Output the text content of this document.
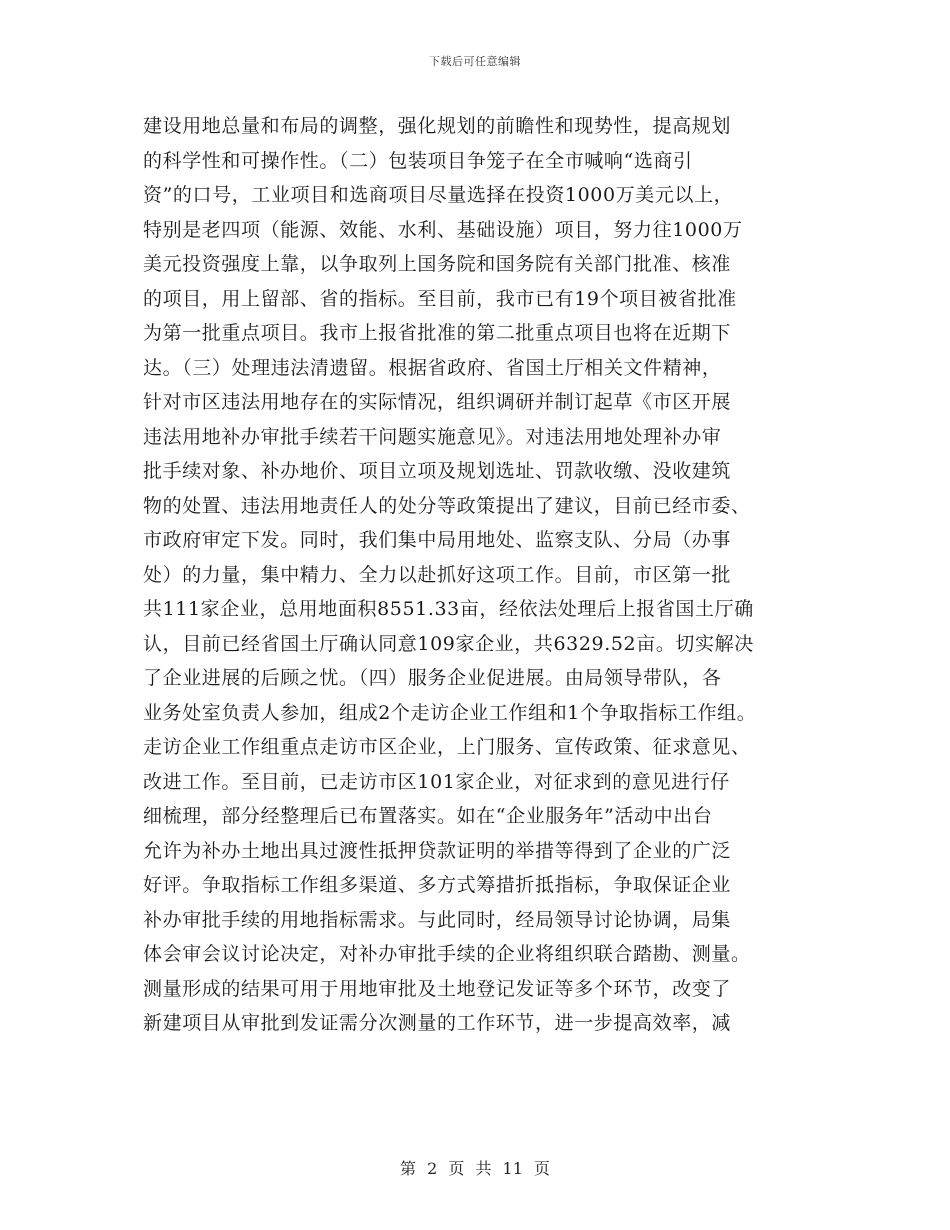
下载后可任意编辑
建设用地总量和布局的调整，强化规划的前瞻性和现势性，提高规划
的科学性和可操作性。（二）包装项目争笼子在全市喊响“选商引
资”的口号，工业项目和选商项目尽量选择在投资1000万美元以上，
特别是老四项（能源、效能、水利、基础设施）项目，努力往1000万
美元投资强度上靠，以争取列上国务院和国务院有关部门批准、核准
的项目，用上留部、省的指标。至目前，我市已有19个项目被省批准
为第一批重点项目。我市上报省批准的第二批重点项目也将在近期下
达。（三）处理违法清遗留。根据省政府、省国土厅相关文件精神，
针对市区违法用地存在的实际情况，组织调研并制订起草《市区开展
违法用地补办审批手续若干问题实施意见》。对违法用地处理补办审
批手续对象、补办地价、项目立项及规划选址、罚款收缴、没收建筑
物的处置、违法用地责任人的处分等政策提出了建议，目前已经市委、
市政府审定下发。同时，我们集中局用地处、监察支队、分局（办事
处）的力量，集中精力、全力以赴抓好这项工作。目前，市区第一批
共111家企业，总用地面积8551.33亩，经依法处理后上报省国土厅确
认，目前已经省国土厅确认同意109家企业，共6329.52亩。切实解决
了企业进展的后顾之忧。（四）服务企业促进展。由局领导带队，各
业务处室负责人参加，组成2个走访企业工作组和1个争取指标工作组。
走访企业工作组重点走访市区企业，上门服务、宣传政策、征求意见、
改进工作。至目前，已走访市区101家企业，对征求到的意见进行仔
细梳理，部分经整理后已布置落实。如在“企业服务年”活动中出台
允许为补办土地出具过渡性抵押贷款证明的举措等得到了企业的广泛
好评。争取指标工作组多渠道、多方式筹措折抵指标，争取保证企业
补办审批手续的用地指标需求。与此同时，经局领导讨论协调，局集
体会审会议讨论决定，对补办审批手续的企业将组织联合踏勘、测量。
测量形成的结果可用于用地审批及土地登记发证等多个环节，改变了
新建项目从审批到发证需分次测量的工作环节，进一步提高效率，减
第 2 页 共 11 页
